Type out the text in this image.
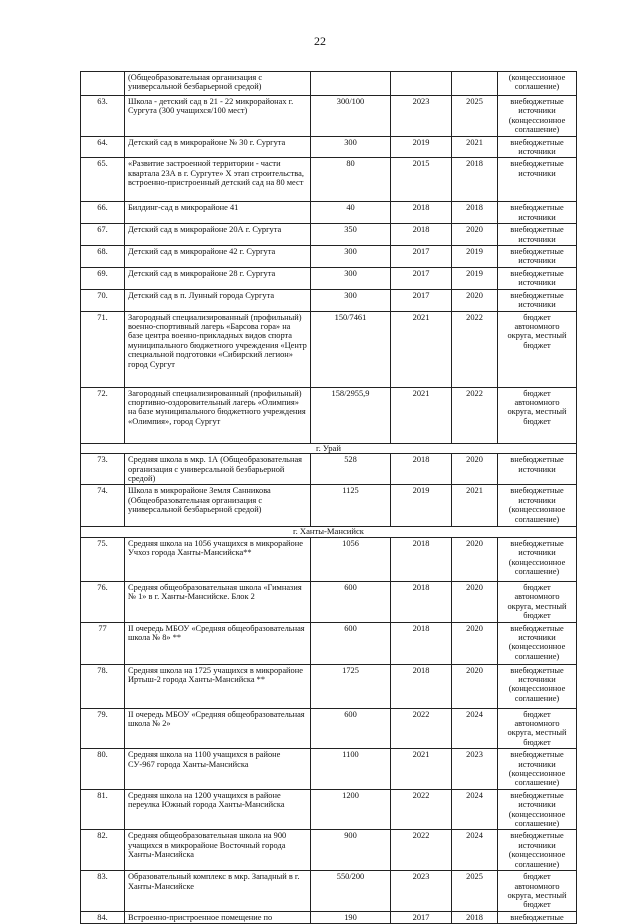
22
	(Общеобразовательная организация с универсальной безбарьерной средой)				(концессионное соглашение)
63.	Школа - детский сад в 21 - 22 микрорайонах г. Сургута (300 учащихся/100 мест)	300/100	2023	2025	внебюджетные источники (концессионное соглашение)
64.	Детский сад в микрорайоне № 30 г. Сургута	300	2019	2021	внебюджетные источники
65.	«Развитие застроенной территории - части квартала 23А в г. Сургуте» X этап строительства, встроенно-пристроенный детский сад на 80 мест	80	2015	2018	внебюджетные источники
66.	Билдинг-сад в микрорайоне 41	40	2018	2018	внебюджетные источники
67.	Детский сад в микрорайоне 20А г. Сургута	350	2018	2020	внебюджетные источники
68.	Детский сад в микрорайоне 42 г. Сургута	300	2017	2019	внебюджетные источники
69.	Детский сад в микрорайоне 28 г. Сургута	300	2017	2019	внебюджетные источники
70.	Детский сад в п. Лунный города Сургута	300	2017	2020	внебюджетные источники
71.	Загородный специализированный (профильный) военно-спортивный лагерь «Барсова гора» на базе центра военно-прикладных видов спорта муниципального бюджетного учреждения «Центр специальной подготовки «Сибирский легион» город Сургут	150/7461	2021	2022	бюджет автономного округа, местный бюджет
72.	Загородный специализированный (профильный) спортивно-оздоровительный лагерь «Олимпия» на базе муниципального бюджетного учреждения «Олимпия», город Сургут	158/2955,9	2021	2022	бюджет автономного округа, местный бюджет
г. Урай					
73.	Средняя школа в мкр. 1А (Общеобразовательная организация с универсальной безбарьерной средой)	528	2018	2020	внебюджетные источники
74.	Школа в микрорайоне Земля Санникова (Общеобразовательная организация с универсальной безбарьерной средой)	1125	2019	2021	внебюджетные источники (концессионное соглашение)
г. Ханты-Мансийск					
75.	Средняя школа на 1056 учащихся в микрорайоне Учхоз города Ханты-Мансийска**	1056	2018	2020	внебюджетные источники (концессионное соглашение)
76.	Средняя общеобразовательная школа «Гимназия № 1» в г. Ханты-Мансийске. Блок 2	600	2018	2020	бюджет автономного округа, местный бюджет
77	II очередь МБОУ «Средняя общеобразовательная школа № 8» **	600	2018	2020	внебюджетные источники (концессионное соглашение)
78.	Средняя школа на 1725 учащихся в микрорайоне Иртыш-2 города Ханты-Мансийска **	1725	2018	2020	внебюджетные источники (концессионное соглашение)
79.	II очередь МБОУ «Средняя общеобразовательная школа № 2»	600	2022	2024	бюджет автономного округа, местный бюджет
80.	Средняя школа на 1100 учащихся в районе СУ-967 города Ханты-Мансийска	1100	2021	2023	внебюджетные источники (концессионное соглашение)
81.	Средняя школа на 1200 учащихся в районе переулка Южный города Ханты-Мансийска	1200	2022	2024	внебюджетные источники (концессионное соглашение)
82.	Средняя общеобразовательная школа на 900 учащихся в микрорайоне Восточный города Ханты-Мансийска	900	2022	2024	внебюджетные источники (концессионное соглашение)
83.	Образовательный комплекс в мкр. Западный в г. Ханты-Мансийске	550/200	2023	2025	бюджет автономного округа, местный бюджет
84.	Встроенно-пристроенное помещение по	190	2017	2018	внебюджетные
